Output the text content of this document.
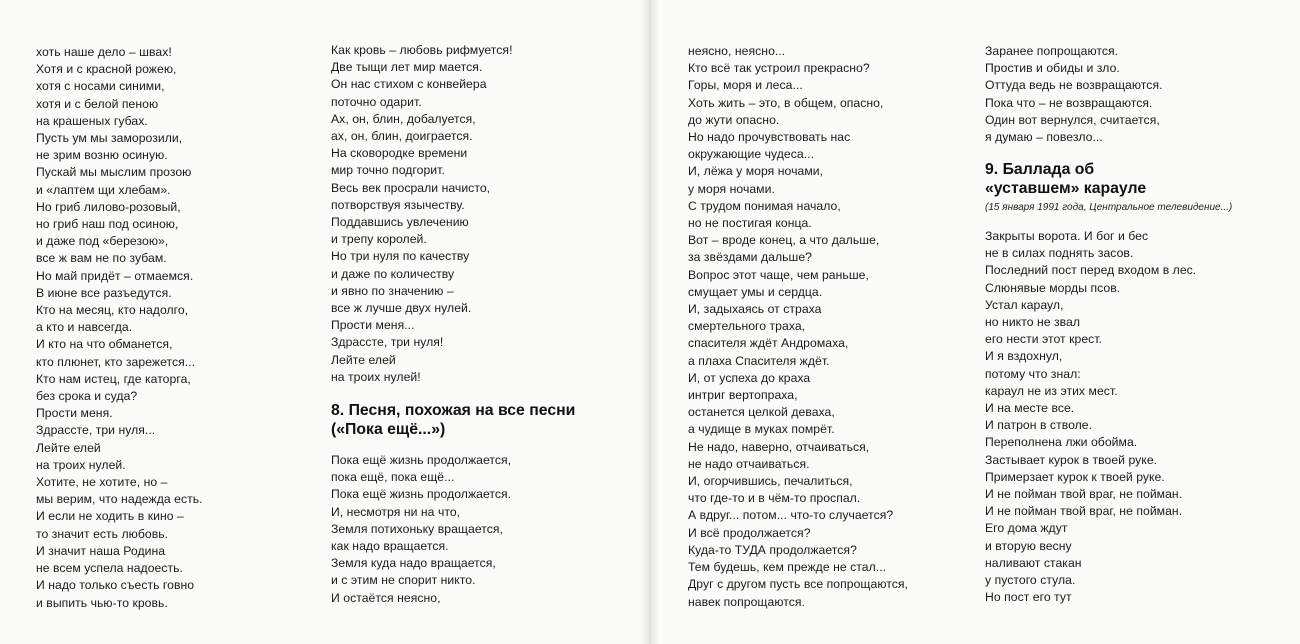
хоть наше дело – швах!
Хотя и с красной рожею,
хотя с носами синими,
хотя и с белой пеною
на крашеных губах.
Пусть ум мы заморозили,
не зрим возню осиную.
Пускай мы мыслим прозою
и «лаптем щи хлебам».
Но гриб лилово-розовый,
но гриб наш под осиною,
и даже под «березою»,
все ж вам не по зубам.
Но май придёт – отмаемся.
В июне все разъедутся.
Кто на месяц, кто надолго,
а кто и навсегда.
И кто на что обманется,
кто плюнет, кто зарежется...
Кто нам истец, где каторга,
без срока и суда?
Прости меня.
Здрассте, три нуля...
Лейте елей
на троих нулей.
Хотите, не хотите, но –
мы верим, что надежда есть.
И если не ходить в кино –
то значит есть любовь.
И значит наша Родина
не всем успела надоесть.
И надо только съесть говно
и выпить чью-то кровь.
Как кровь – любовь рифмуется!
Две тыщи лет мир мается.
Он нас стихом с конвейера
поточно одарит.
Ах, он, блин, добалуется,
ах, он, блин, доиграется.
На сковородке времени
мир точно подгорит.
Весь век просрали начисто,
потворствуя язычеству.
Поддавшись увлечению
и трепу королей.
Но три нуля по качеству
и даже по количеству
и явно по значению –
все ж лучше двух нулей.
Прости меня...
Здрассте, три нуля!
Лейте елей
на троих нулей!
8. Песня, похожая на все песни
(«Пока ещё...»)
Пока ещё жизнь продолжается,
пока ещё, пока ещё...
Пока ещё жизнь продолжается.
И, несмотря ни на что,
Земля потихоньку вращается,
как надо вращается.
Земля куда надо вращается,
и с этим не спорит никто.
И остаётся неясно,
неясно, неясно...
Кто всё так устроил прекрасно?
Горы, моря и леса...
Хоть жить – это, в общем, опасно,
до жути опасно.
Но надо прочувствовать нас
окружающие чудеса...
И, лёжа у моря ночами,
у моря ночами.
С трудом понимая начало,
но не постигая конца.
Вот – вроде конец, а что дальше,
за звёздами дальше?
Вопрос этот чаще, чем раньше,
смущает умы и сердца.
И, задыхаясь от страха
смертельного траха,
спасителя ждёт Андромаха,
а плаха Спасителя ждёт.
И, от успеха до краха
интриг вертопраха,
останется целкой деваха,
а чудище в муках помрёт.
Не надо, наверно, отчаиваться,
не надо отчаиваться.
И, огорчившись, печалиться,
что где-то и в чём-то проспал.
А вдруг... потом... что-то случается?
И всё продолжается?
Куда-то ТУДА продолжается?
Тем будешь, кем прежде не стал...
Друг с другом пусть все попрощаются,
навек попрощаются.
Заранее попрощаются.
Простив и обиды и зло.
Оттуда ведь не возвращаются.
Пока что – не возвращаются.
Один вот вернулся, считается,
я думаю – повезло...
9. Баллада об
«уставшем» карауле
(15 января 1991 года, Центральное телевидение...)
Закрыты ворота. И бог и бес
не в силах поднять засов.
Последний пост перед входом в лес.
Слюнявые морды псов.
Устал караул,
но никто не звал
его нести этот крест.
И я вздохнул,
потому что знал:
караул не из этих мест.
И на месте все.
И патрон в стволе.
Переполнена лжи обойма.
Застывает курок в твоей руке.
Примерзает курок к твоей руке.
И не пойман твой враг, не пойман.
И не пойман твой враг, не пойман.
Его дома ждут
и вторую весну
наливают стакан
у пустого стула.
Но пост его тут
